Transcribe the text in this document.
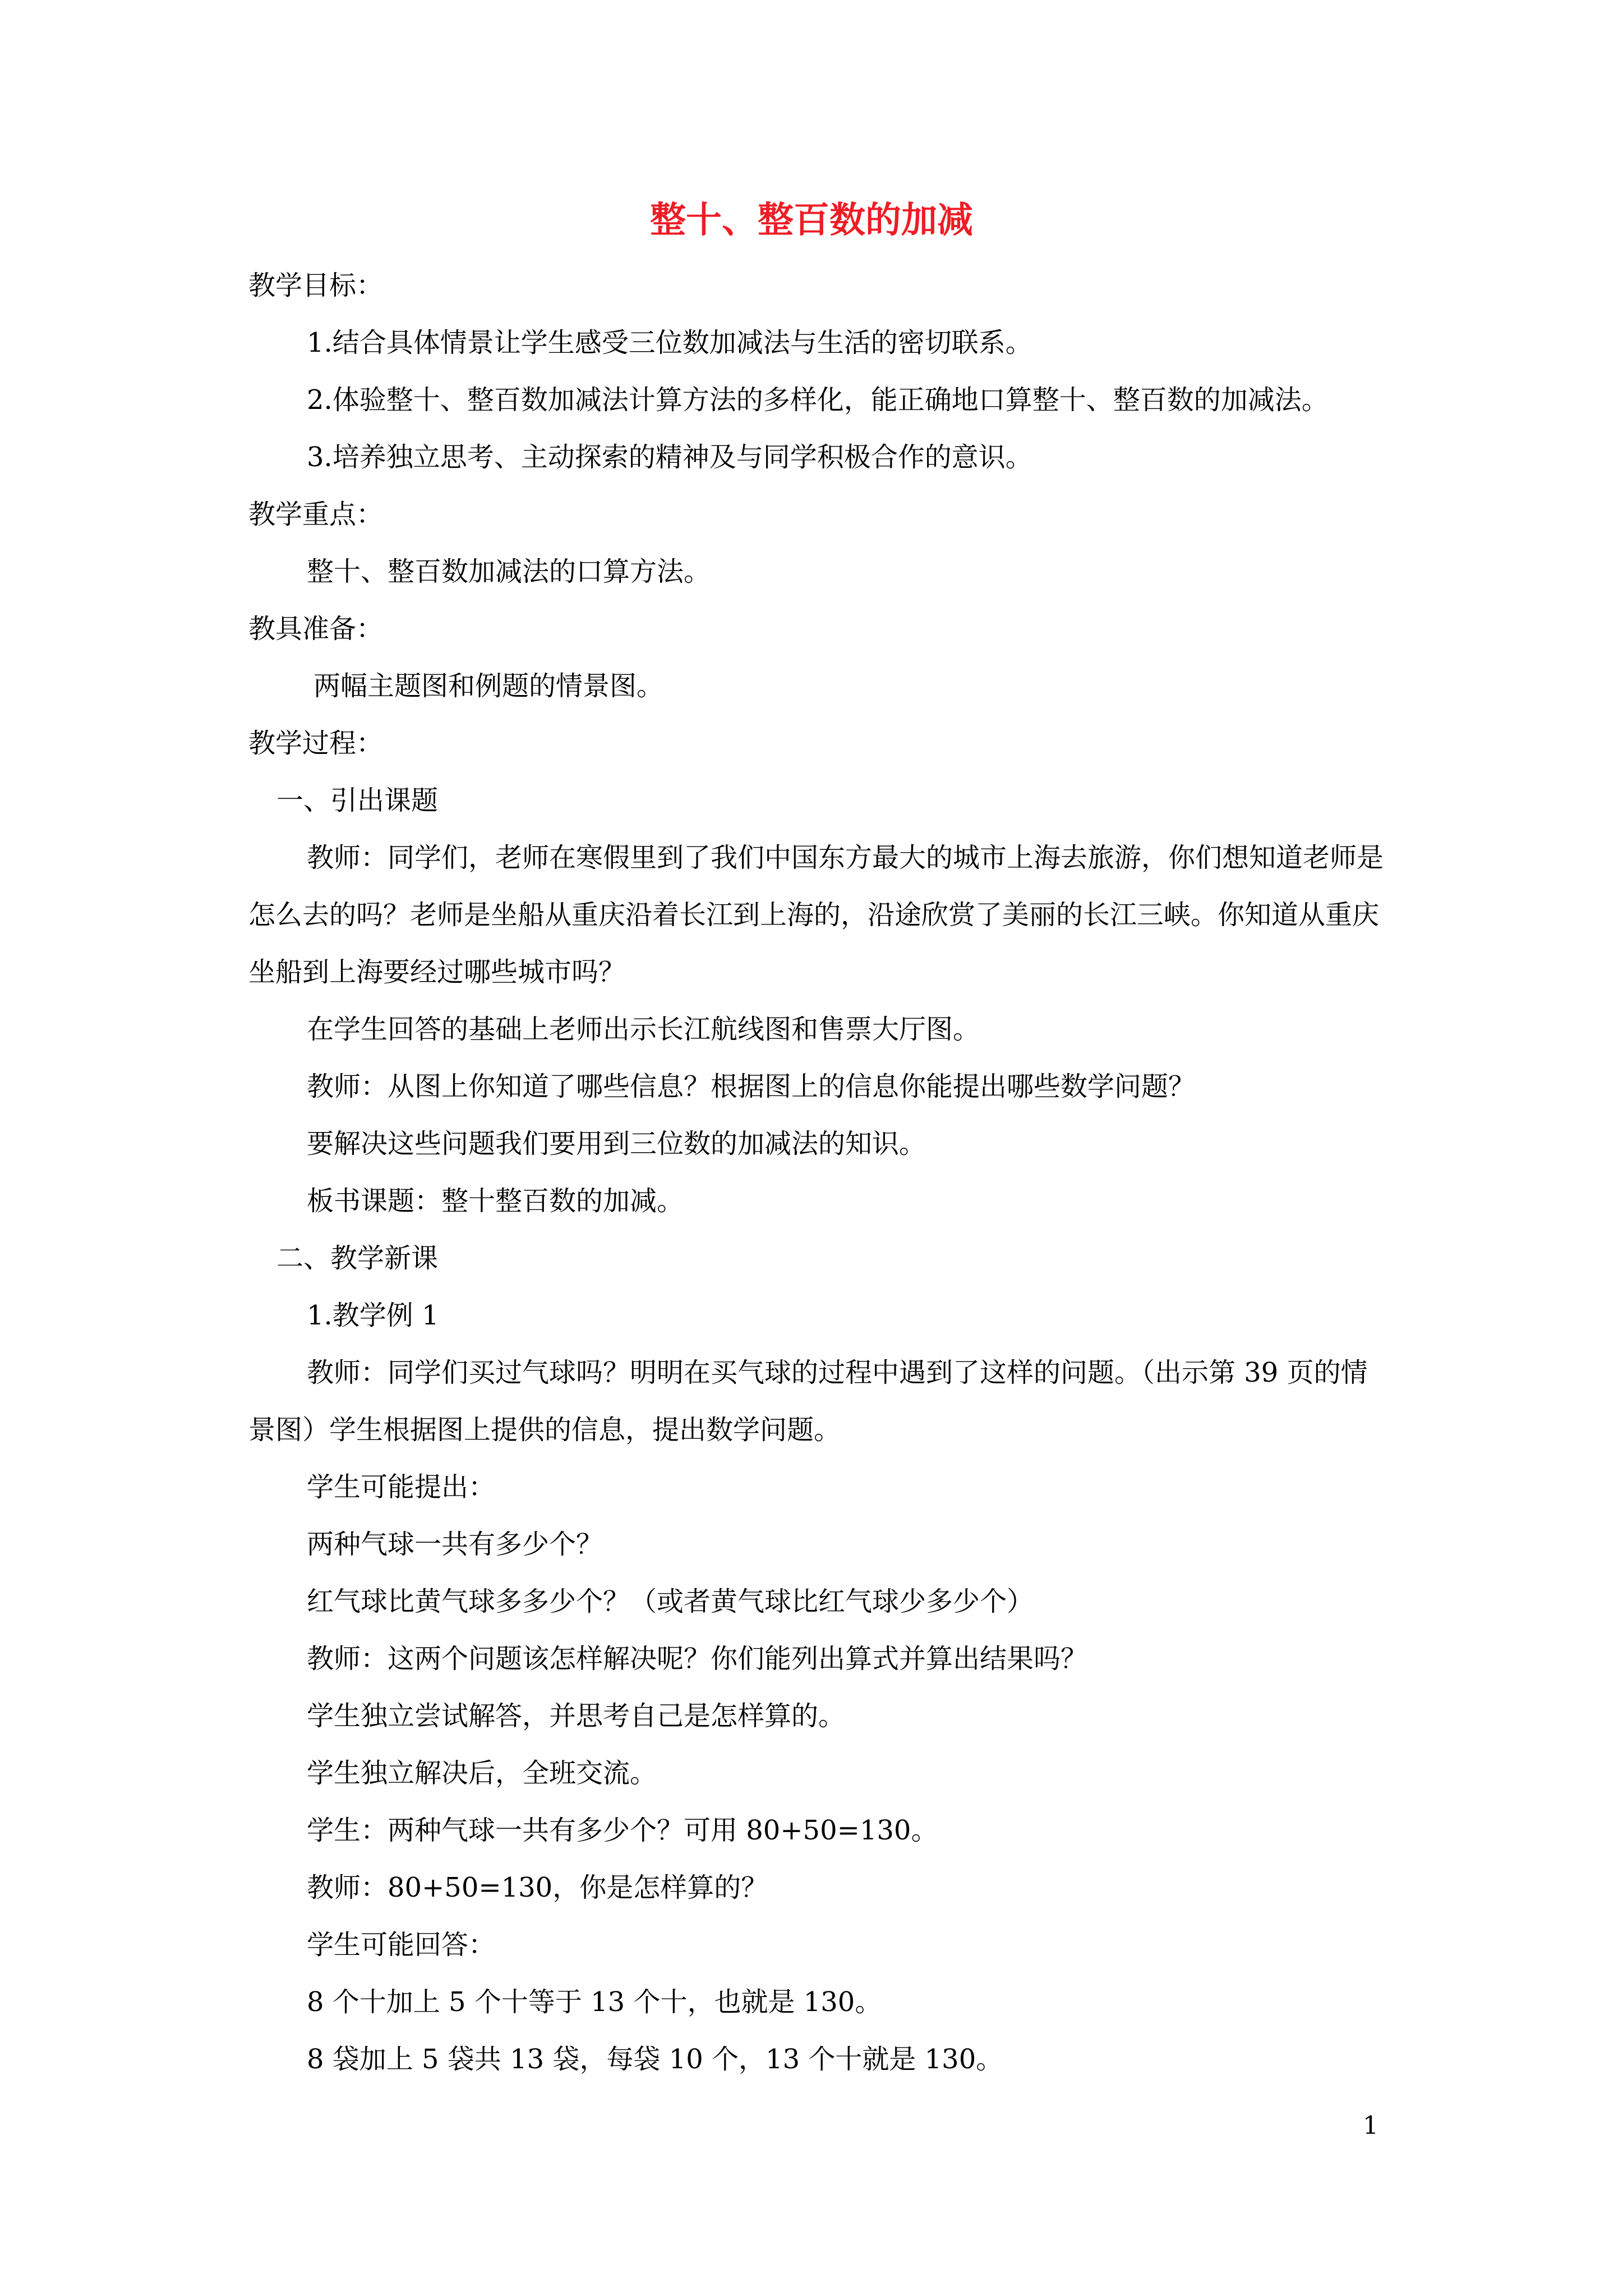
整十、整百数的加减
教学目标：
1.结合具体情景让学生感受三位数加减法与生活的密切联系。
2.体验整十、整百数加减法计算方法的多样化，能正确地口算整十、整百数的加减法。
3.培养独立思考、主动探索的精神及与同学积极合作的意识。
教学重点：
整十、整百数加减法的口算方法。
教具准备：
两幅主题图和例题的情景图。
教学过程：
一、引出课题
教师：同学们，老师在寒假里到了我们中国东方最大的城市上海去旅游，你们想知道老师是怎么去的吗？老师是坐船从重庆沿着长江到上海的，沿途欣赏了美丽的长江三峡。你知道从重庆坐船到上海要经过哪些城市吗？
在学生回答的基础上老师出示长江航线图和售票大厅图。
教师：从图上你知道了哪些信息？根据图上的信息你能提出哪些数学问题？
要解决这些问题我们要用到三位数的加减法的知识。
板书课题：整十整百数的加减。
二、教学新课
1.教学例 1
教师：同学们买过气球吗？明明在买气球的过程中遇到了这样的问题。（出示第 39 页的情景图）学生根据图上提供的信息，提出数学问题。
学生可能提出：
两种气球一共有多少个？
红气球比黄气球多多少个？（或者黄气球比红气球少多少个）
教师：这两个问题该怎样解决呢？你们能列出算式并算出结果吗？
学生独立尝试解答，并思考自己是怎样算的。
学生独立解决后，全班交流。
学生：两种气球一共有多少个？可用 80+50=130。
教师：80+50=130，你是怎样算的？
学生可能回答：
8 个十加上 5 个十等于 13 个十，也就是 130。
8 袋加上 5 袋共 13 袋，每袋 10 个，13 个十就是 130。
1
